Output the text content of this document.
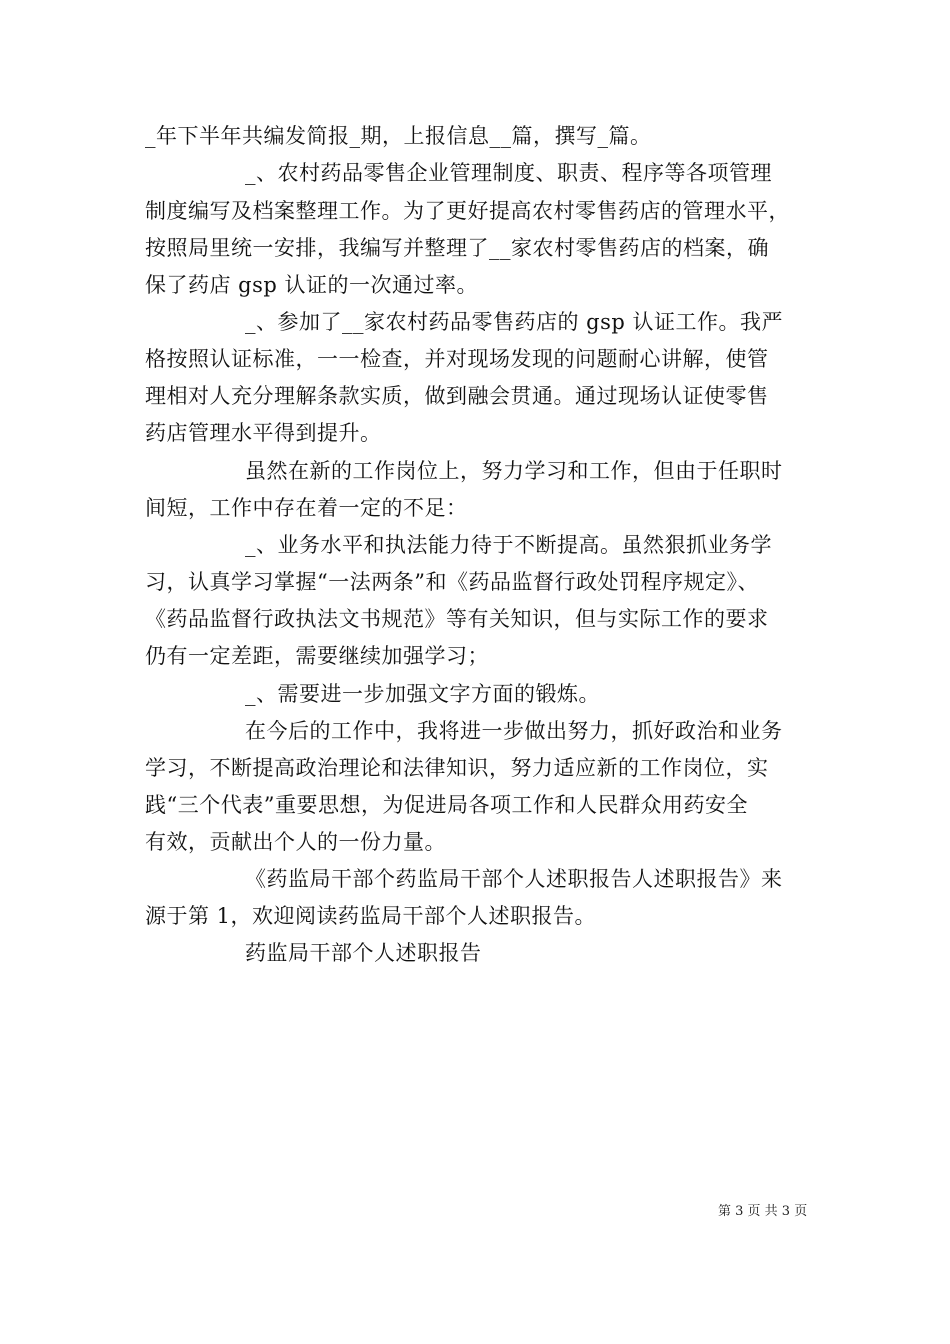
_年下半年共编发简报_期，上报信息__篇，撰写_篇。
_、农村药品零售企业管理制度、职责、程序等各项管理
制度编写及档案整理工作。为了更好提高农村零售药店的管理水平，
按照局里统一安排，我编写并整理了__家农村零售药店的档案，确
保了药店 gsp 认证的一次通过率。
_、参加了__家农村药品零售药店的 gsp 认证工作。我严
格按照认证标准，一一检查，并对现场发现的问题耐心讲解，使管
理相对人充分理解条款实质，做到融会贯通。通过现场认证使零售
药店管理水平得到提升。
虽然在新的工作岗位上，努力学习和工作，但由于任职时
间短，工作中存在着一定的不足：
_、业务水平和执法能力待于不断提高。虽然狠抓业务学
习，认真学习掌握“一法两条”和《药品监督行政处罚程序规定》、
《药品监督行政执法文书规范》等有关知识，但与实际工作的要求
仍有一定差距，需要继续加强学习；
_、需要进一步加强文字方面的锻炼。
在今后的工作中，我将进一步做出努力，抓好政治和业务
学习，不断提高政治理论和法律知识，努力适应新的工作岗位，实
践“三个代表”重要思想，为促进局各项工作和人民群众用药安全
有效，贡献出个人的一份力量。
《药监局干部个药监局干部个人述职报告人述职报告》来
源于第 1，欢迎阅读药监局干部个人述职报告。
药监局干部个人述职报告
第 3 页 共 3 页
